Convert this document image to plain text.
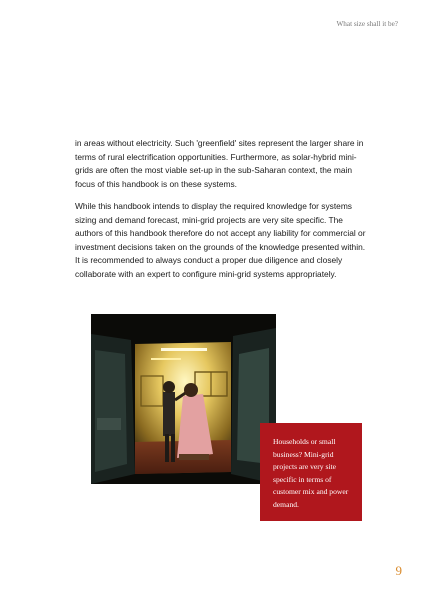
What size shall it be?

in areas without electricity. Such 'greenfield' sites represent the larger share in terms of rural electrification opportunities. Furthermore, as solar-hybrid mini-grids are often the most viable set-up in the sub-Saharan context, the main focus of this handbook is on these systems.

While this handbook intends to display the required knowledge for systems sizing and demand forecast, mini-grid projects are very site specific. The authors of this handbook therefore do not accept any liability for commercial or investment decisions taken on the grounds of the knowledge presented within. It is recommended to always conduct a proper due diligence and closely collaborate with an expert to configure mini-grid systems appropriately.

Households or small business? Mini-grid projects are very site specific in terms of customer mix and power demand.

9
